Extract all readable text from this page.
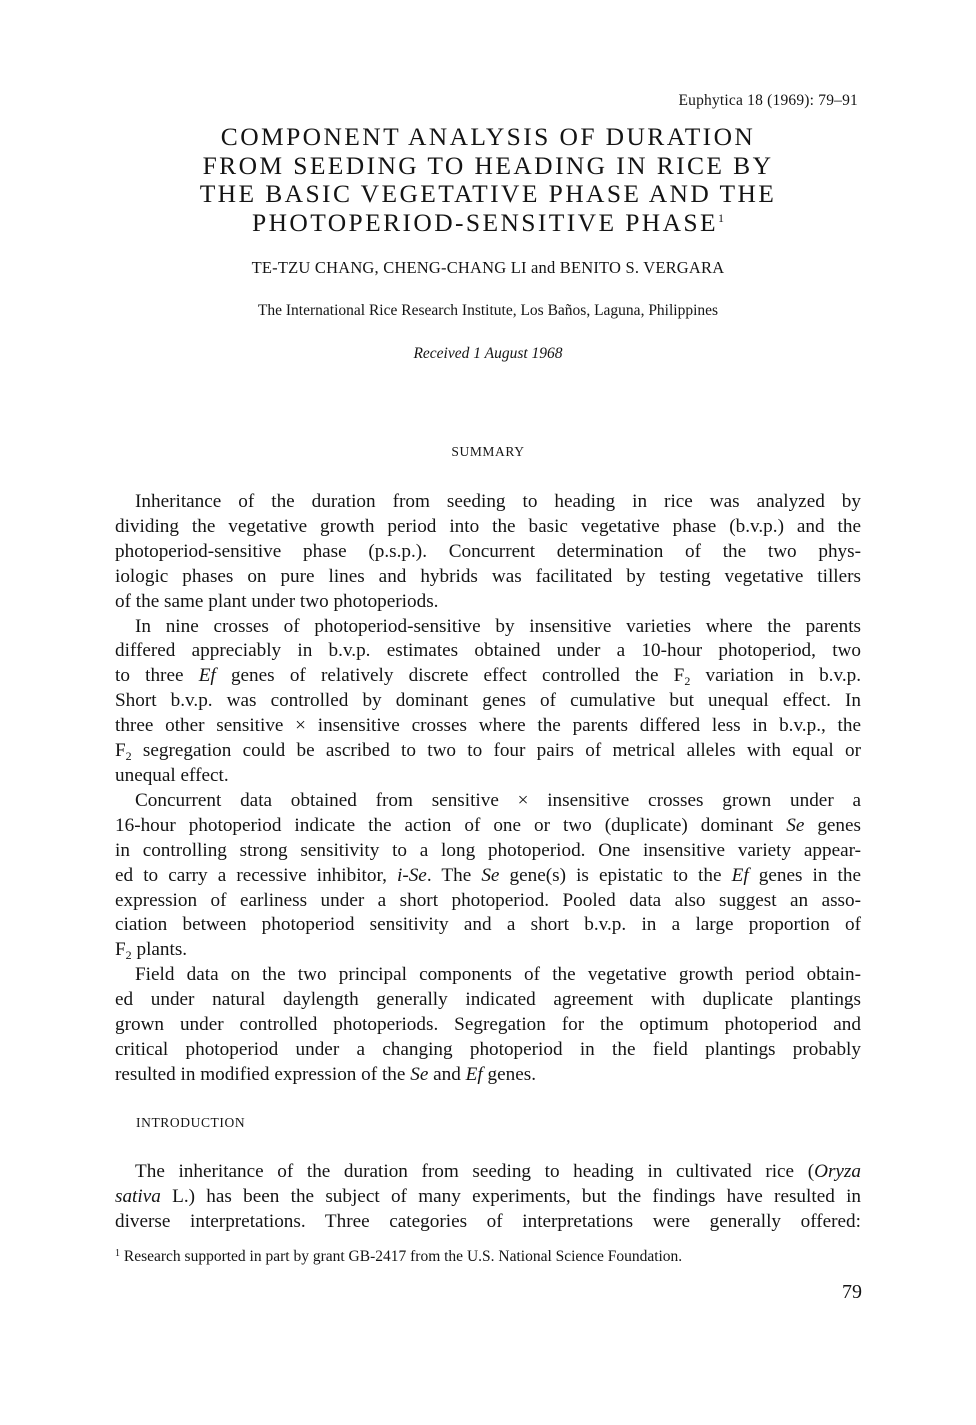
Euphytica 18 (1969): 79–91
COMPONENT ANALYSIS OF DURATION
FROM SEEDING TO HEADING IN RICE BY
THE BASIC VEGETATIVE PHASE AND THE
PHOTOPERIOD-SENSITIVE PHASE$^1$
TE-TZU CHANG, CHENG-CHANG LI and BENITO S. VERGARA
The International Rice Research Institute, Los Baños, Laguna, Philippines
Received 1 August 1968
SUMMARY

Inheritance of the duration from seeding to heading in rice was analyzed by
dividing the vegetative growth period into the basic vegetative phase (b.v.p.) and the
photoperiod-sensitive phase (p.s.p.). Concurrent determination of the two phys-
iologic phases on pure lines and hybrids was facilitated by testing vegetative tillers
of the same plant under two photoperiods.

In nine crosses of photoperiod-sensitive by insensitive varieties where the parents
differed appreciably in b.v.p. estimates obtained under a 10-hour photoperiod, two
to three Ef genes of relatively discrete effect controlled the $F_2$ variation in b.v.p.
Short b.v.p. was controlled by dominant genes of cumulative but unequal effect. In
three other sensitive × insensitive crosses where the parents differed less in b.v.p., the
$F_2$ segregation could be ascribed to two to four pairs of metrical alleles with equal or
unequal effect.

Concurrent data obtained from sensitive × insensitive crosses grown under a
16-hour photoperiod indicate the action of one or two (duplicate) dominant Se genes
in controlling strong sensitivity to a long photoperiod. One insensitive variety appear-
ed to carry a recessive inhibitor, i-Se. The Se gene(s) is epistatic to the Ef genes in the
expression of earliness under a short photoperiod. Pooled data also suggest an asso-
ciation between photoperiod sensitivity and a short b.v.p. in a large proportion of
$F_2$ plants.

Field data on the two principal components of the vegetative growth period obtain-
ed under natural daylength generally indicated agreement with duplicate plantings
grown under controlled photoperiods. Segregation for the optimum photoperiod and
critical photoperiod under a changing photoperiod in the field plantings probably
resulted in modified expression of the Se and Ef genes.

INTRODUCTION

The inheritance of the duration from seeding to heading in cultivated rice (Oryza
sativa L.) has been the subject of many experiments, but the findings have resulted in
diverse interpretations. Three categories of interpretations were generally offered:

$^1$ Research supported in part by grant GB-2417 from the U.S. National Science Foundation.
79
